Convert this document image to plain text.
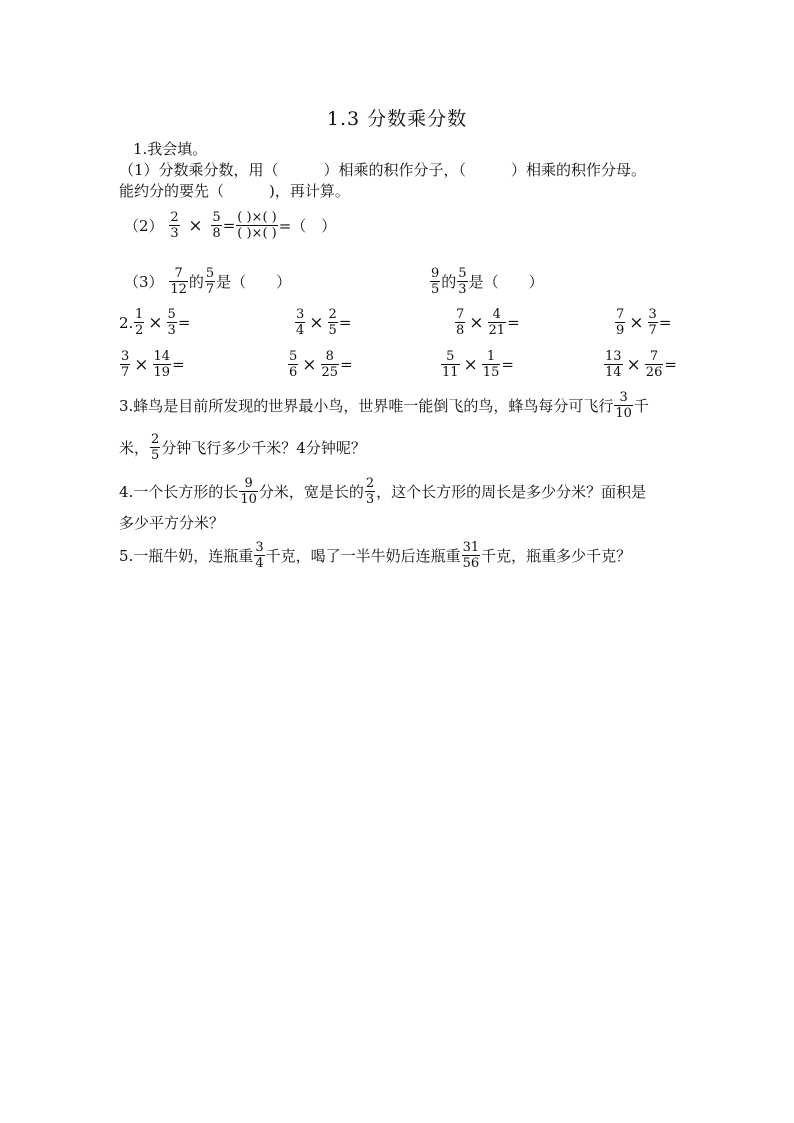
1.3 分数乘分数
1.我会填。
（1）分数乘分数，用（　　　）相乘的积作分子，（　　　）相乘的积作分母。
能约分的要先（　　　)，再计算。
$(2) \frac{2}{3} \times \frac{5}{8} = \frac{( )\times( )}{( )\times( )}$ =（　）
$(3) \frac{7}{12}$ 的 $\frac{5}{7}$ 是（　　）	$\frac{9}{5}$ 的 $\frac{5}{3}$ 是（　　）
2. $\frac{1}{2} \times \frac{5}{3}$ =	$\frac{3}{4} \times \frac{2}{5}$ =	$\frac{7}{8} \times \frac{4}{21}$ =	$\frac{7}{9} \times \frac{3}{7}$ =
$\frac{3}{7} \times \frac{14}{19}$ =	$\frac{5}{6} \times \frac{8}{25}$ =	$\frac{5}{11} \times \frac{1}{15}$ =	$\frac{13}{14} \times \frac{7}{26}$ =
3.蜂鸟是目前所发现的世界最小鸟，世界唯一能倒飞的鸟，蜂鸟每分可飞行 $\frac{3}{10}$ 千
米， $\frac{2}{5}$ 分钟飞行多少千米？4分钟呢？
4.一个长方形的长 $\frac{9}{10}$ 分米，宽是长的 $\frac{2}{3}$ ，这个长方形的周长是多少分米？面积是
多少平方分米？
5.一瓶牛奶，连瓶重 $\frac{3}{4}$ 千克，喝了一半牛奶后连瓶重 $\frac{31}{56}$ 千克，瓶重多少千克？
